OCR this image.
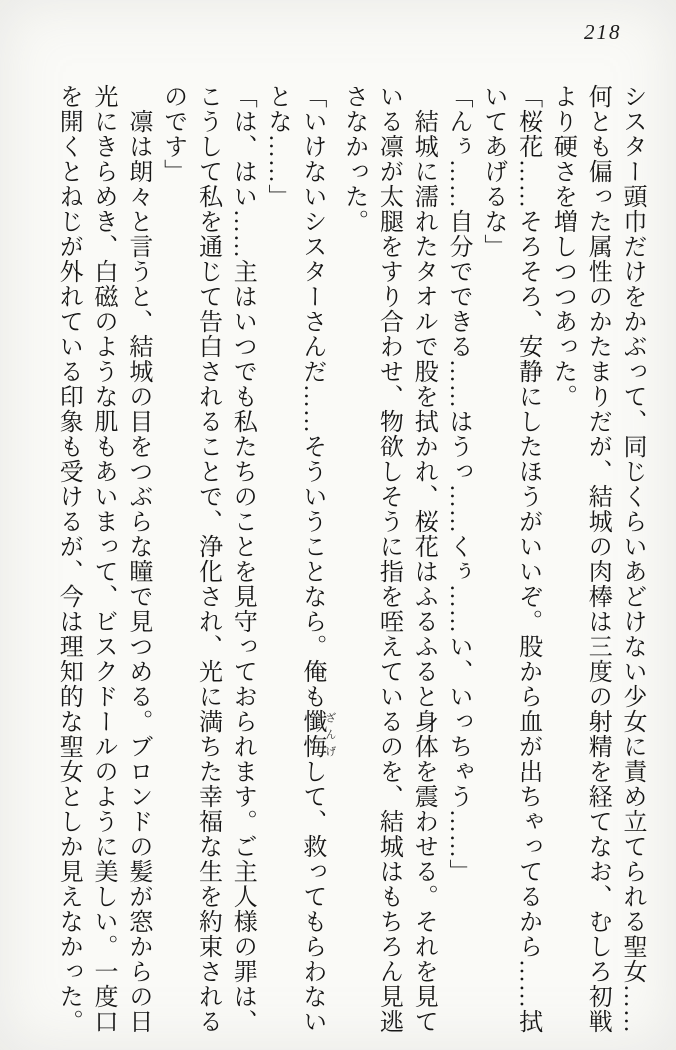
218

シスター頭巾だけをかぶって、同じくらいあどけない少女に責め立てられる聖女……何とも偏った属性のかたまりだが、結城の肉棒は三度の射精を経てなお、むしろ初戦より硬さを増しつつあった。

「桜花……そろそろ、安静にしたほうがいいぞ。股から血が出ちゃってるから……拭いてあげるな」

「んぅ……自分でできる……はうっ……くぅ……い、いっちゃう……」

結城に濡れたタオルで股を拭かれ、桜花はふるふると身体を震わせる。それを見ている凛が太腿をすり合わせ、物欲しそうに指を咥えているのを、結城はもちろん見逃さなかった。

「いけないシスターさんだ……そういうことなら。俺も懺悔 ざんげして、救ってもらわないとな……」

「は、はい……主はいつでも私たちのことを見守っておられます。ご主人様の罪は、こうして私を通じて告白されることで、浄化され、光に満ちた幸福な生を約束されるのです」

凛は朗々と言うと、結城の目をつぶらな瞳で見つめる。ブロンドの髪が窓からの日光にきらめき、白磁のような肌もあいまって、ビスクドールのように美しい。一度口を開くとねじが外れている印象も受けるが、今は理知的な聖女としか見えなかった。
